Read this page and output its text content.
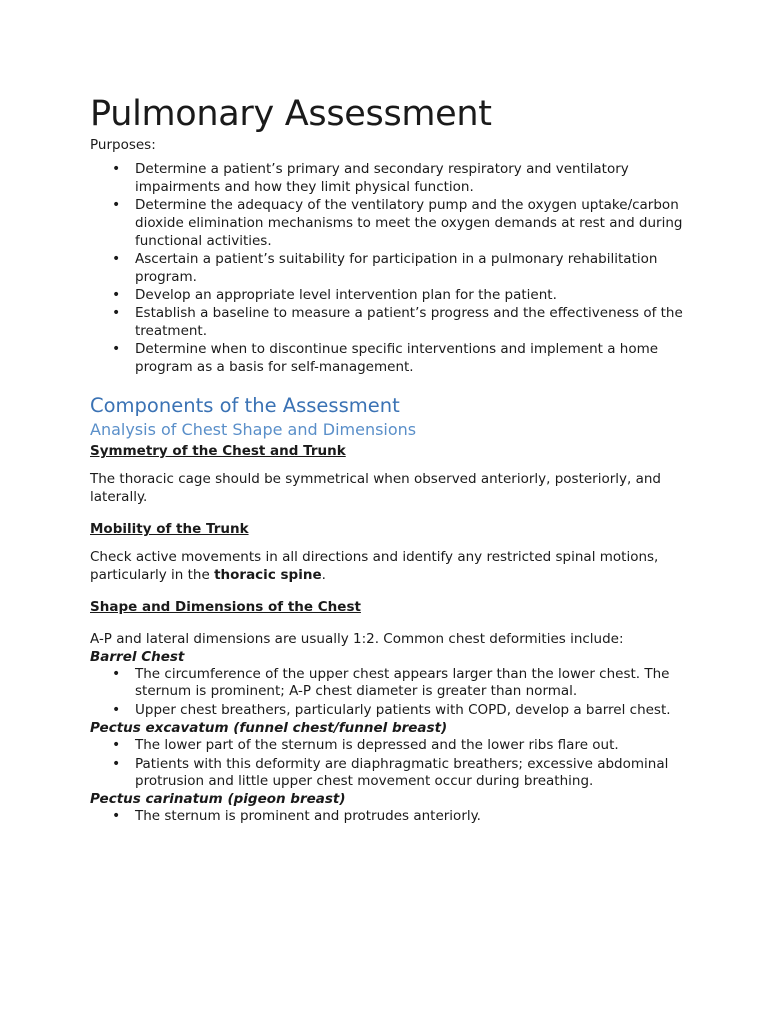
Pulmonary Assessment
Purposes:
• Determine a patient’s primary and secondary respiratory and ventilatory impairments and how they limit physical function.
• Determine the adequacy of the ventilatory pump and the oxygen uptake/carbon dioxide elimination mechanisms to meet the oxygen demands at rest and during functional activities.
• Ascertain a patient’s suitability for participation in a pulmonary rehabilitation program.
• Develop an appropriate level intervention plan for the patient.
• Establish a baseline to measure a patient’s progress and the effectiveness of the treatment.
• Determine when to discontinue specific interventions and implement a home program as a basis for self-management.
Components of the Assessment
Analysis of Chest Shape and Dimensions
Symmetry of the Chest and Trunk

The thoracic cage should be symmetrical when observed anteriorly, posteriorly, and laterally.

Mobility of the Trunk

Check active movements in all directions and identify any restricted spinal motions, particularly in the thoracic spine.

Shape and Dimensions of the Chest

A-P and lateral dimensions are usually 1:2. Common chest deformities include:

Barrel Chest
• The circumference of the upper chest appears larger than the lower chest. The sternum is prominent; A-P chest diameter is greater than normal.
• Upper chest breathers, particularly patients with COPD, develop a barrel chest.
Pectus excavatum (funnel chest/funnel breast)
• The lower part of the sternum is depressed and the lower ribs flare out.
• Patients with this deformity are diaphragmatic breathers; excessive abdominal protrusion and little upper chest movement occur during breathing.
Pectus carinatum (pigeon breast)
• The sternum is prominent and protrudes anteriorly.
